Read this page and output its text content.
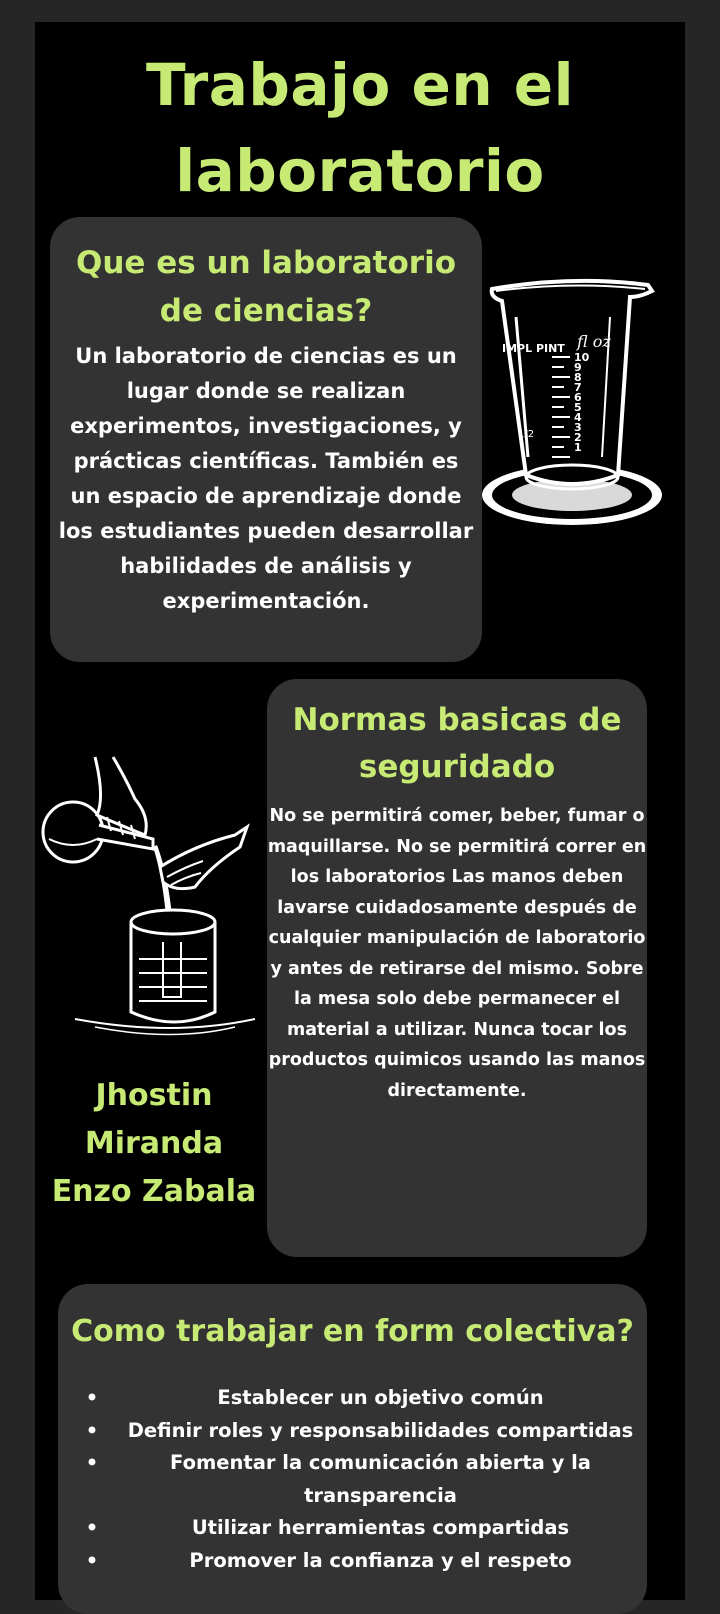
Trabajo en el laboratorio
Que es un laboratorio de ciencias?
Un laboratorio de ciencias es un lugar donde se realizan experimentos, investigaciones, y prácticas científicas. También es un espacio de aprendizaje donde los estudiantes pueden desarrollar habilidades de análisis y experimentación.
IMPL PINT fl oz
1/2
10
9
8
7
6
5
4
3
2
1
Normas basicas de seguridado
No se permitirá comer, beber, fumar o maquillarse. No se permitirá correr en los laboratorios Las manos deben lavarse cuidadosamente después de cualquier manipulación de laboratorio y antes de retirarse del mismo. Sobre la mesa solo debe permanecer el material a utilizar. Nunca tocar los productos quimicos usando las manos directamente.
Jhostin Miranda Enzo Zabala
Como trabajar en form colectiva?
•	Establecer un objetivo común
•	Definir roles y responsabilidades compartidas
•	Fomentar la comunicación abierta y la transparencia
•	Utilizar herramientas compartidas
•	Promover la confianza y el respeto
